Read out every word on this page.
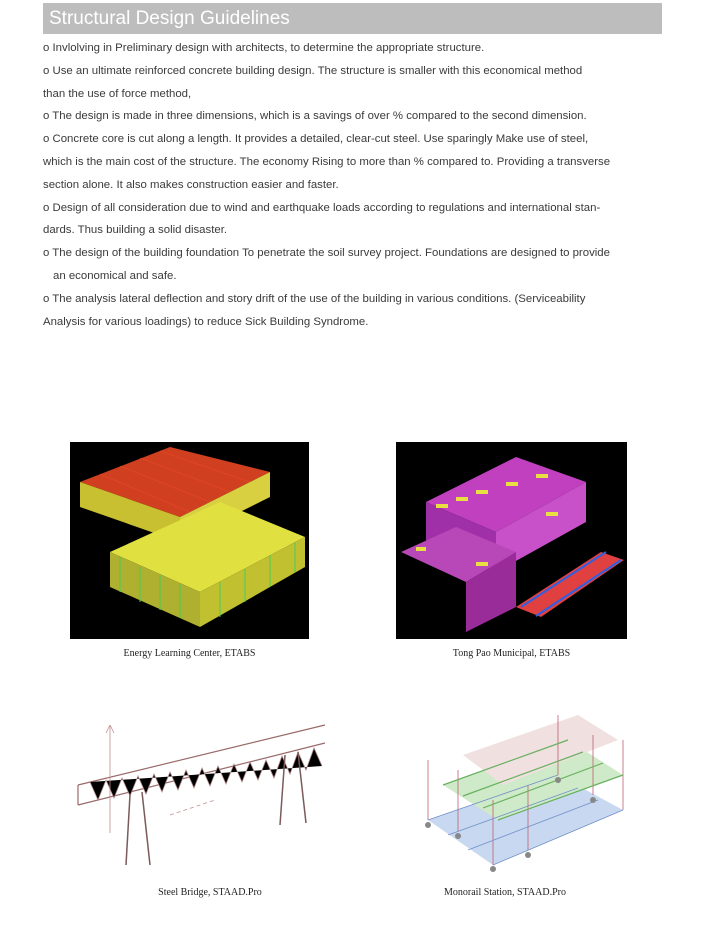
Structural Design Guidelines

o Invlolving in Preliminary design with architects, to determine the appropriate structure.

o Use an ultimate reinforced concrete building design. The structure is smaller with this economical method
than the use of force method,

o The design is made in three dimensions, which is a savings of over % compared to the second dimension.

o Concrete core is cut along a length. It provides a detailed, clear-cut steel. Use sparingly Make use of steel,
which is the main cost of the structure. The economy Rising to more than % compared to. Providing a transverse
section alone. It also makes construction easier and faster.

o Design of all consideration due to wind and earthquake loads according to regulations and international stan-
dards. Thus building a solid disaster.

o The design of the building foundation To penetrate the soil survey project. Foundations are designed to provide
an economical and safe.

o The analysis lateral deflection and story drift of the use of the building in various conditions. (Serviceability
Analysis for various loadings) to reduce Sick Building Syndrome.

Energy Learning Center, ETABS	Tong Pao Municipal, ETABS
Steel Bridge, STAAD.Pro	Monorail Station, STAAD.Pro
